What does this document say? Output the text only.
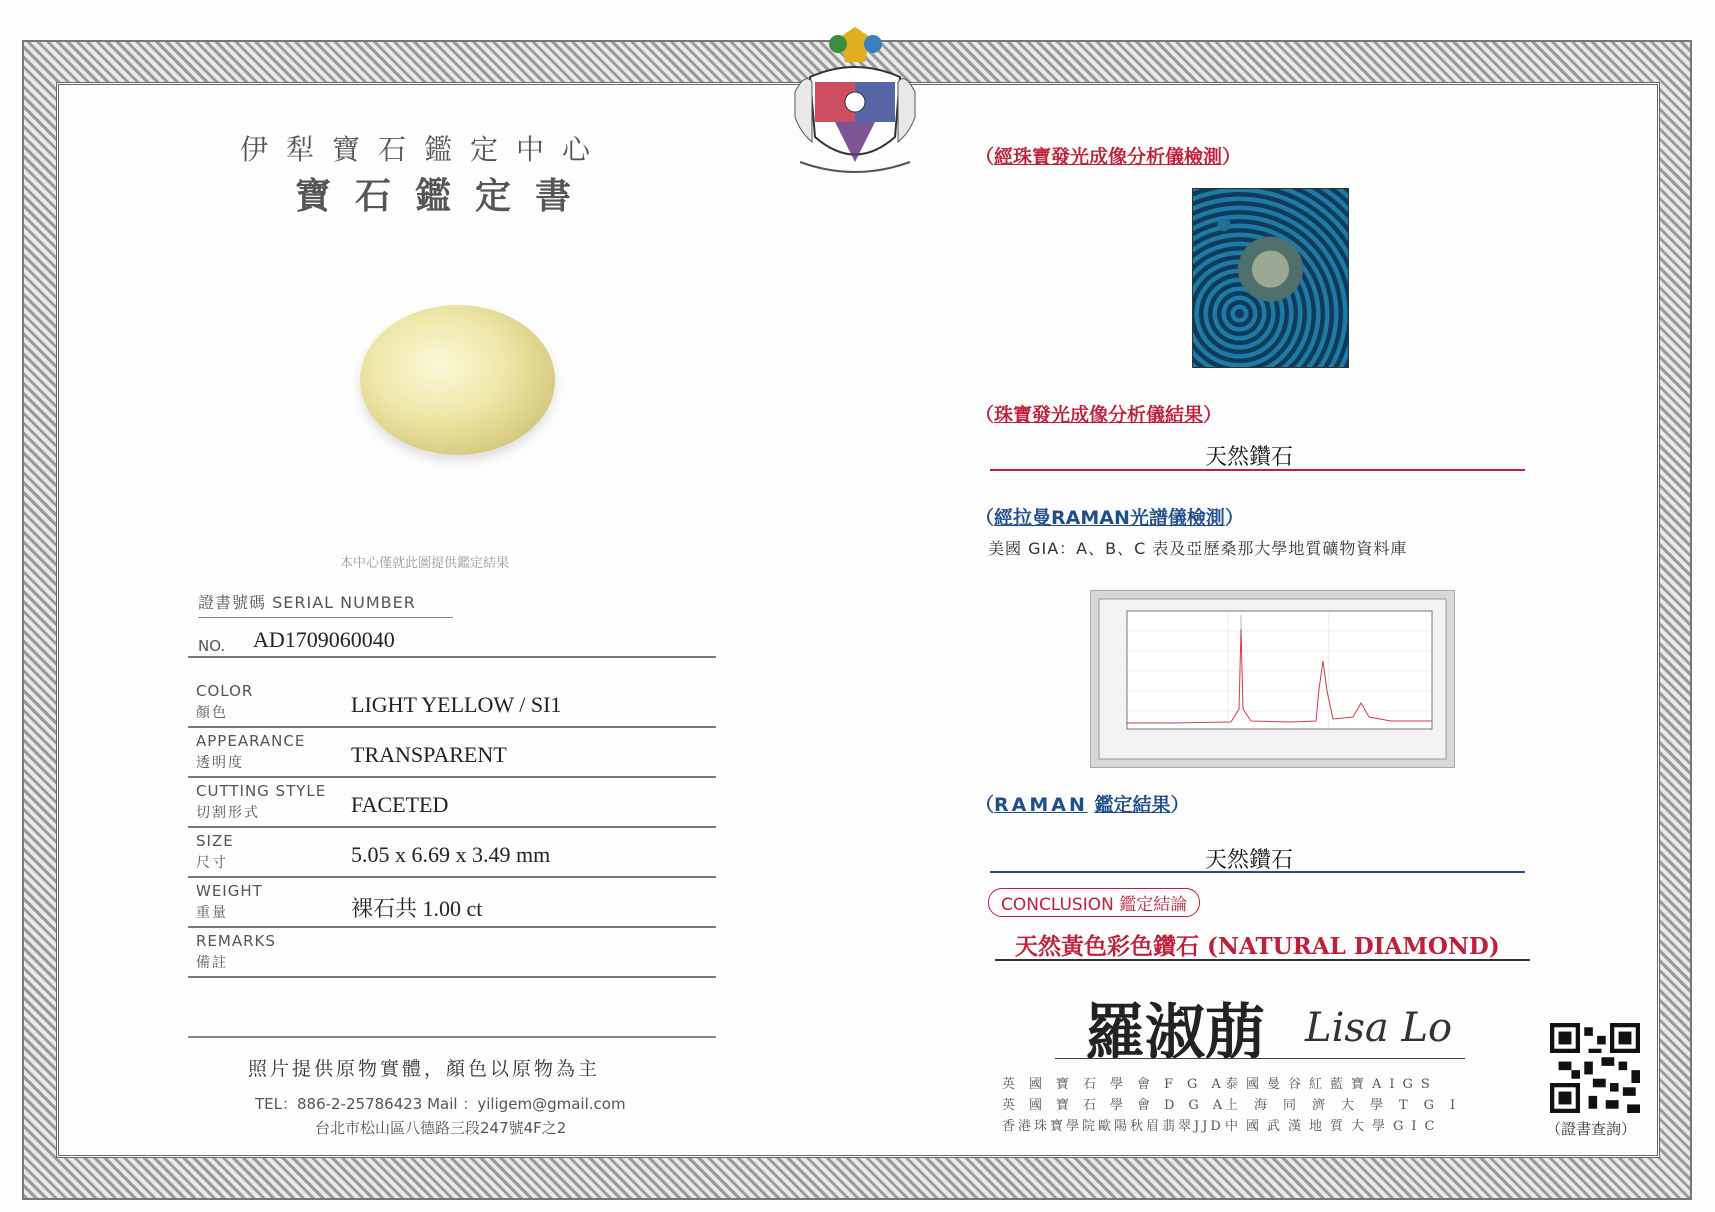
伊犁寶石鑑定中心
寶石鑑定書
本中心僅就此圖提供鑑定結果
證書號碼 SERIAL NUMBER
NO. AD1709060040
COLOR
顏色	LIGHT YELLOW / SI1
APPEARANCE
透明度	TRANSPARENT
CUTTING STYLE
切割形式	FACETED
SIZE
尺寸	5.05 x 6.69 x 3.49 mm
WEIGHT
重量	裸石共 1.00 ct
REMARKS
備註
照片提供原物實體，顏色以原物為主
TEL：886-2-25786423 Mail ：yiligem@gmail.com
台北市松山區八德路三段247號4F之2
（經珠寶發光成像分析儀檢測）
（珠寶發光成像分析儀結果）
天然鑽石
（經拉曼RAMAN光譜儀檢測）
美國 GIA：A、B、C 表及亞歷桑那大學地質礦物資料庫
（RAMAN 鑑定結果）
天然鑽石
CONCLUSION 鑑定結論
天然黃色彩色鑽石 (NATURAL DIAMOND)
羅淑萠 Lisa Lo
英國寶石學會FGA
英國寶石學會DGA
香港珠寶學院歐陽秋眉翡翠JJD
泰國曼谷紅藍寶AIGS
上海同濟大學TGI
中國武漢地質大學GIC	（證書查詢）
